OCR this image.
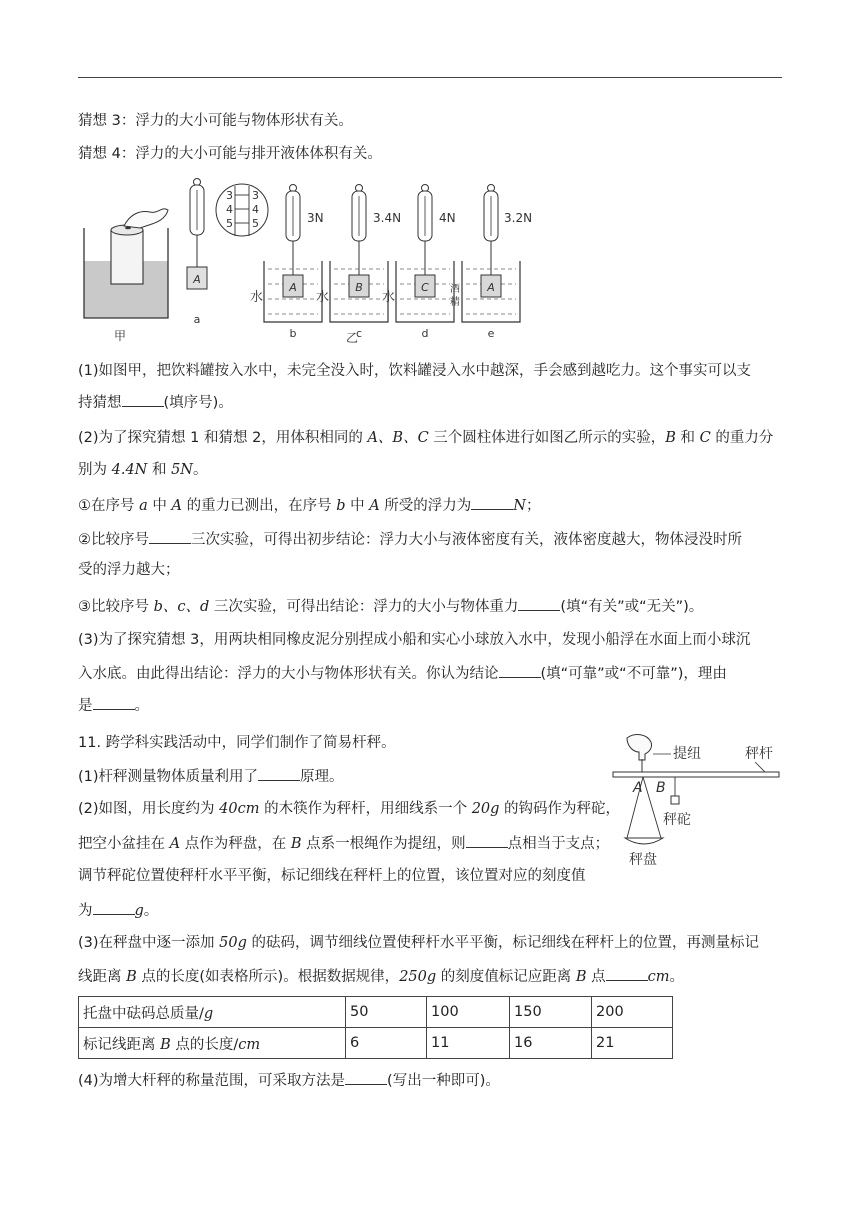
猜想 3：浮力的大小可能与物体形状有关。
猜想 4：浮力的大小可能与排开液体体积有关。
甲
A
a
3 3
4 4
5 5	3N
A
水
b
3.4N
B
水
c
4N
C
水
d
3.2N
A
酒
精
e
乙
(1)如图甲，把饮料罐按入水中，未完全没入时，饮料罐浸入水中越深，手会感到越吃力。这个事实可以支
持猜想	(填序号)。
(2)为了探究猜想 1 和猜想 2，用体积相同的 A、B、C 三个圆柱体进行如图乙所示的实验，B 和 C 的重力分
别为 4.4N 和 5N。
①在序号 a 中 A 的重力已测出，在序号 b 中 A 所受的浮力为	N；
②比较序号	三次实验，可得出初步结论：浮力大小与液体密度有关，液体密度越大，物体浸没时所
受的浮力越大；
③比较序号 b、c、d 三次实验，可得出结论：浮力的大小与物体重力	(填“有关”或“无关”)。
(3)为了探究猜想 3，用两块相同橡皮泥分别捏成小船和实心小球放入水中，发现小船浮在水面上而小球沉
入水底。由此得出结论：浮力的大小与物体形状有关。你认为结论	(填“可靠”或“不可靠”)，理由
是	。
11. 跨学科实践活动中，同学们制作了简易杆秤。
(1)杆秤测量物体质量利用了	原理。
(2)如图，用长度约为 40cm 的木筷作为秤杆，用细线系一个 20g 的钩码作为秤砣，
把空小盆挂在 A 点作为秤盘，在 B 点系一根绳作为提纽，则	点相当于支点；
调节秤砣位置使秤杆水平平衡，标记细线在秤杆上的位置，该位置对应的刻度值
为	g。
提纽	秤杆
A B
秤砣
秤盘
(3)在秤盘中逐一添加 50g 的砝码，调节细线位置使秤杆水平平衡，标记细线在秤杆上的位置，再测量标记
线距离 B 点的长度(如表格所示)。根据数据规律，250g 的刻度值标记应距离 B 点	cm。
托盘中砝码总质量/g	50	100	150	200
标记线距离 B 点的长度/cm	6	11	16	21
(4)为增大杆秤的称量范围，可采取方法是	(写出一种即可)。
